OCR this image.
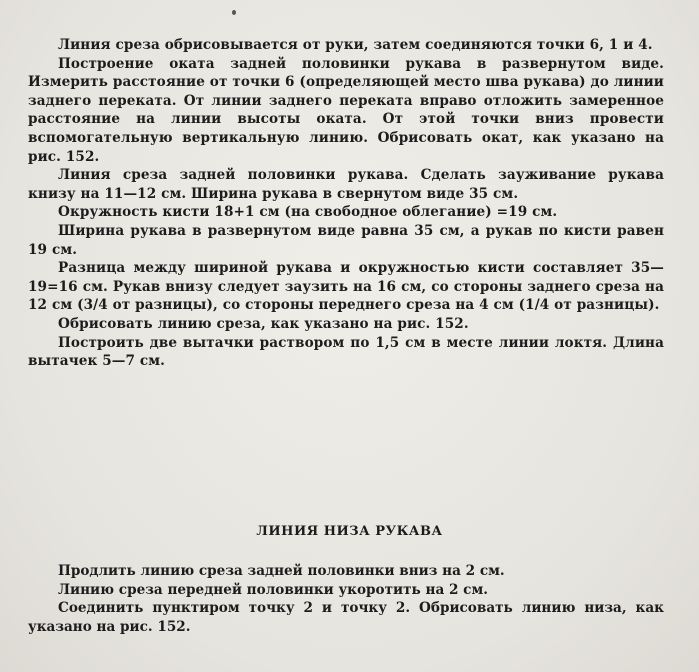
Линия среза обрисовывается от руки, затем соединяются точки 6, 1 и 4.

Построение оката задней половинки рукава в развернутом виде. Измерить расстояние от точки 6 (определяющей место шва рукава) до линии заднего переката. От линии заднего переката вправо отложить замеренное расстояние на линии высоты оката. От этой точки вниз провести вспомогательную вертикальную линию. Обрисовать окат, как указано на рис. 152.

Линия среза задней половинки рукава. Сделать зауживание рукава книзу на 11—12 см. Ширина рукава в свернутом виде 35 см.

Окружность кисти 18+1 см (на свободное облегание) =19 см.

Ширина рукава в развернутом виде равна 35 см, а рукав по кисти равен 19 см.

Разница между шириной рукава и окружностью кисти составляет 35—19=16 см. Рукав внизу следует заузить на 16 см, со стороны заднего среза на 12 см (3/4 от разницы), со стороны переднего среза на 4 см (1/4 от разницы).

Обрисовать линию среза, как указано на рис. 152.

Построить две вытачки раствором по 1,5 см в месте линии локтя. Длина вытачек 5—7 см.

ЛИНИЯ НИЗА РУКАВА

Продлить линию среза задней половинки вниз на 2 см.

Линию среза передней половинки укоротить на 2 см.

Соединить пунктиром точку 2 и точку 2. Обрисовать линию низа, как указано на рис. 152.
